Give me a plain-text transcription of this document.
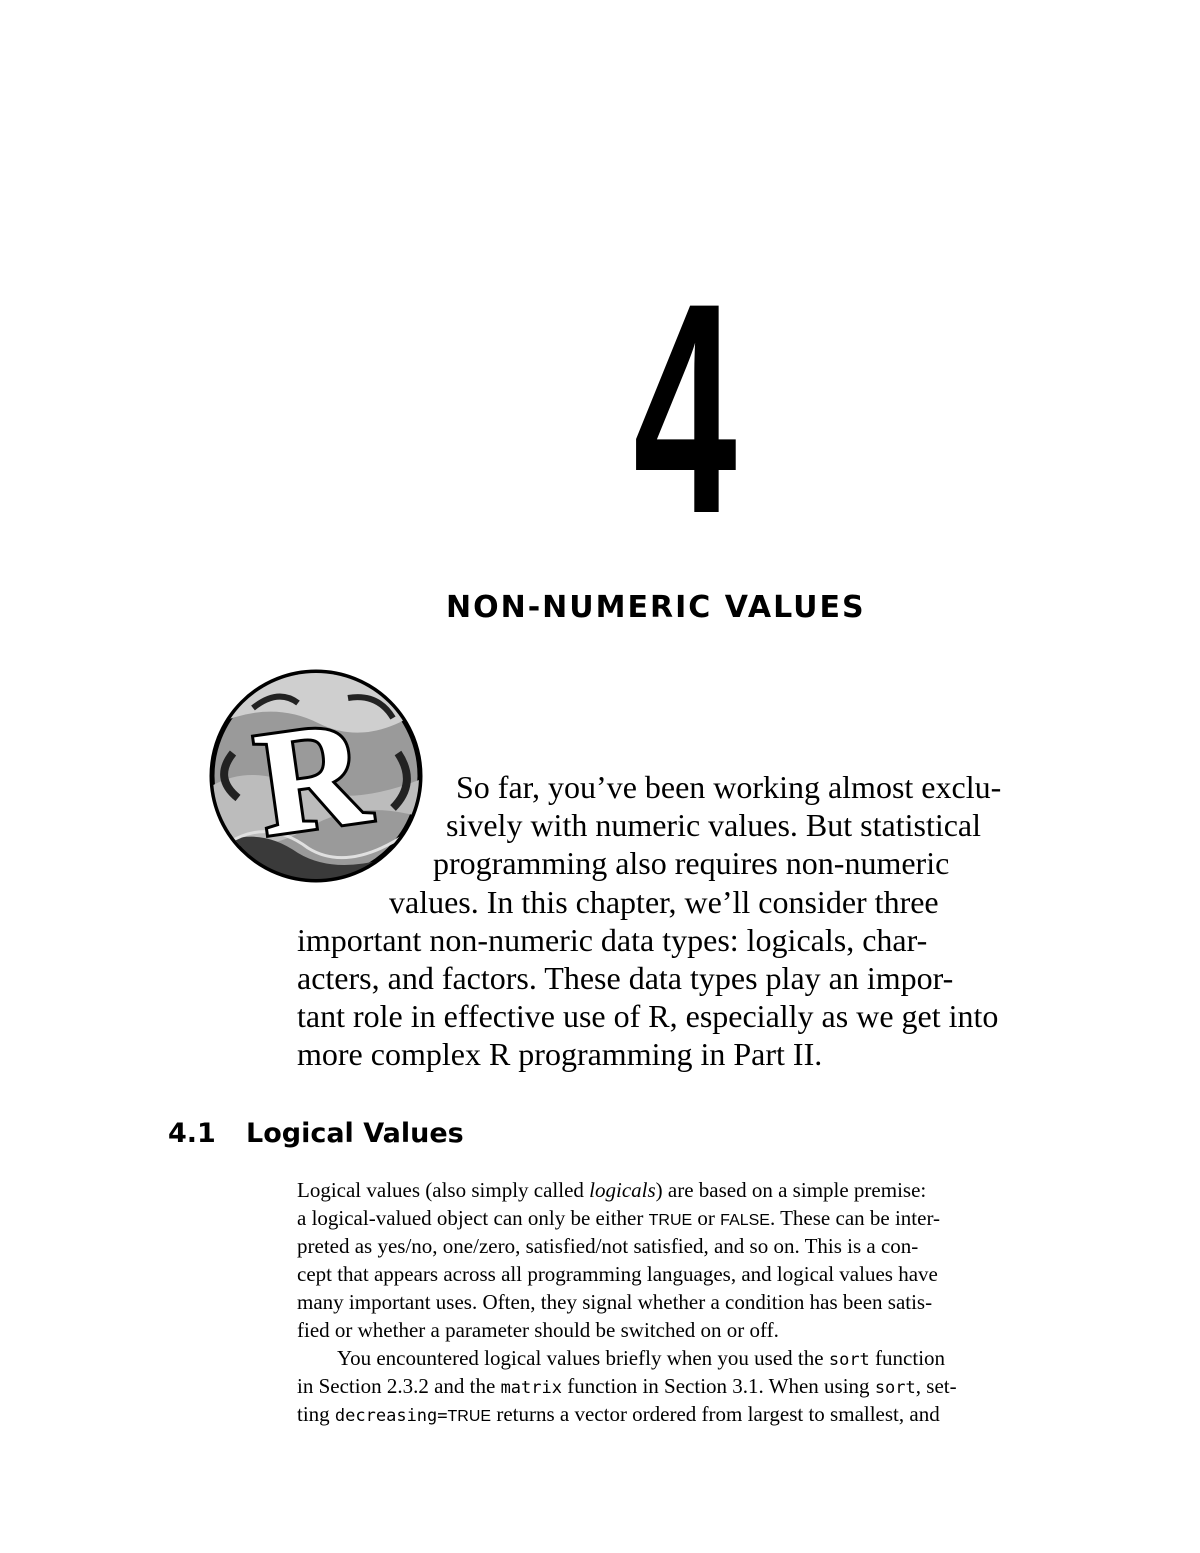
4
NON-NUMERIC VALUES
R So far, you’ve been working almost exclu-
sively with numeric values. But statistical
programming also requires non-numeric
values. In this chapter, we’ll consider three
important non-numeric data types: logicals, char-
acters, and factors. These data types play an impor-
tant role in effective use of R, especially as we get into
more complex R programming in Part II.
4.1 Logical Values
Logical values (also simply called logicals) are based on a simple premise:
a logical-valued object can only be either TRUE or FALSE. These can be inter-
preted as yes/no, one/zero, satisfied/not satisfied, and so on. This is a con-
cept that appears across all programming languages, and logical values have
many important uses. Often, they signal whether a condition has been satis-
fied or whether a parameter should be switched on or off.
You encountered logical values briefly when you used the sort function
in Section 2.3.2 and the matrix function in Section 3.1. When using sort, set-
ting decreasing=TRUE returns a vector ordered from largest to smallest, and
